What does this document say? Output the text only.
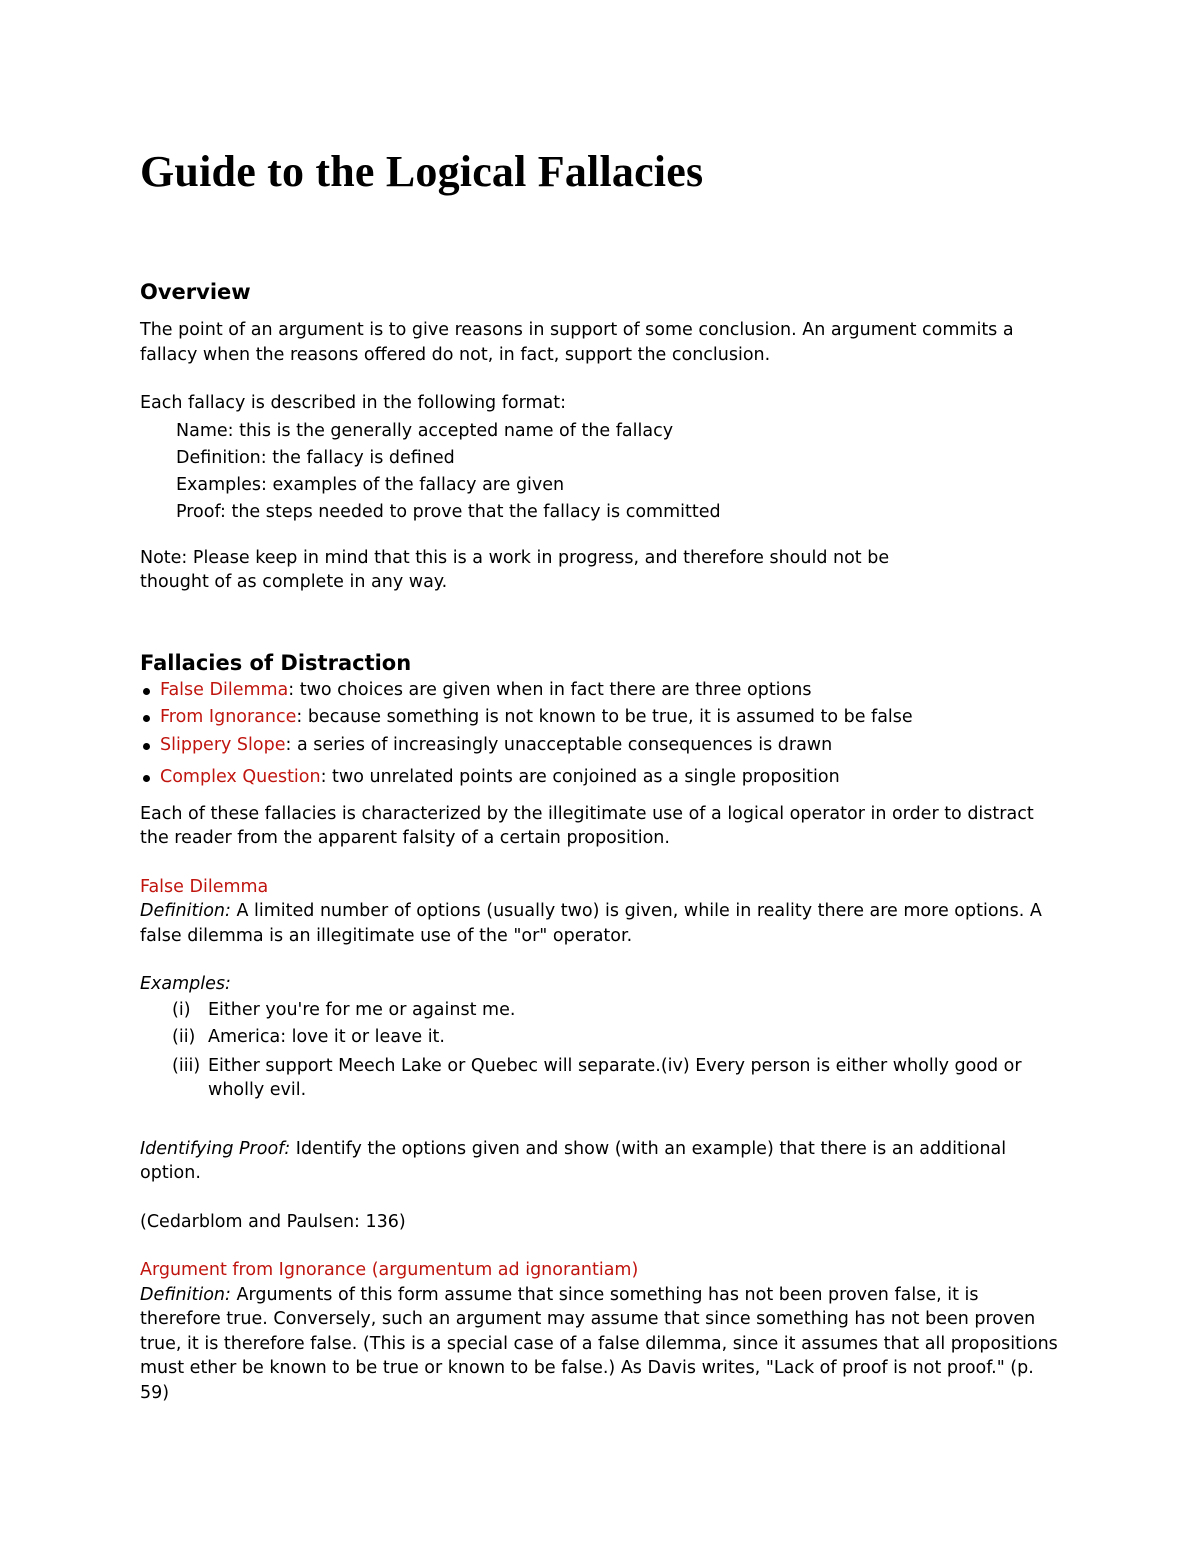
Guide to the Logical Fallacies
Overview

The point of an argument is to give reasons in support of some conclusion. An argument commits a fallacy when the reasons offered do not, in fact, support the conclusion.

Each fallacy is described in the following format:

Name: this is the generally accepted name of the fallacy
Definition: the fallacy is defined
Examples: examples of the fallacy are given
Proof: the steps needed to prove that the fallacy is committed

Note: Please keep in mind that this is a work in progress, and therefore should not be
thought of as complete in any way.

Fallacies of Distraction
False Dilemma: two choices are given when in fact there are three options
From Ignorance: because something is not known to be true, it is assumed to be false
Slippery Slope: a series of increasingly unacceptable consequences is drawn
Complex Question: two unrelated points are conjoined as a single proposition

Each of these fallacies is characterized by the illegitimate use of a logical operator in order to distract the reader from the apparent falsity of a certain proposition.

False Dilemma

Definition: A limited number of options (usually two) is given, while in reality there are more options. A false dilemma is an illegitimate use of the "or" operator.

Examples:

(i) Either you're for me or against me.
(ii) America: love it or leave it.
(iii) Either support Meech Lake or Quebec will separate.(iv) Every person is either wholly good or wholly evil.

Identifying Proof: Identify the options given and show (with an example) that there is an additional option.

(Cedarblom and Paulsen: 136)

Argument from Ignorance (argumentum ad ignorantiam)

Definition: Arguments of this form assume that since something has not been proven false, it is therefore true. Conversely, such an argument may assume that since something has not been proven true, it is therefore false. (This is a special case of a false dilemma, since it assumes that all propositions must ether be known to be true or known to be false.) As Davis writes, "Lack of proof is not proof." (p. 59)
